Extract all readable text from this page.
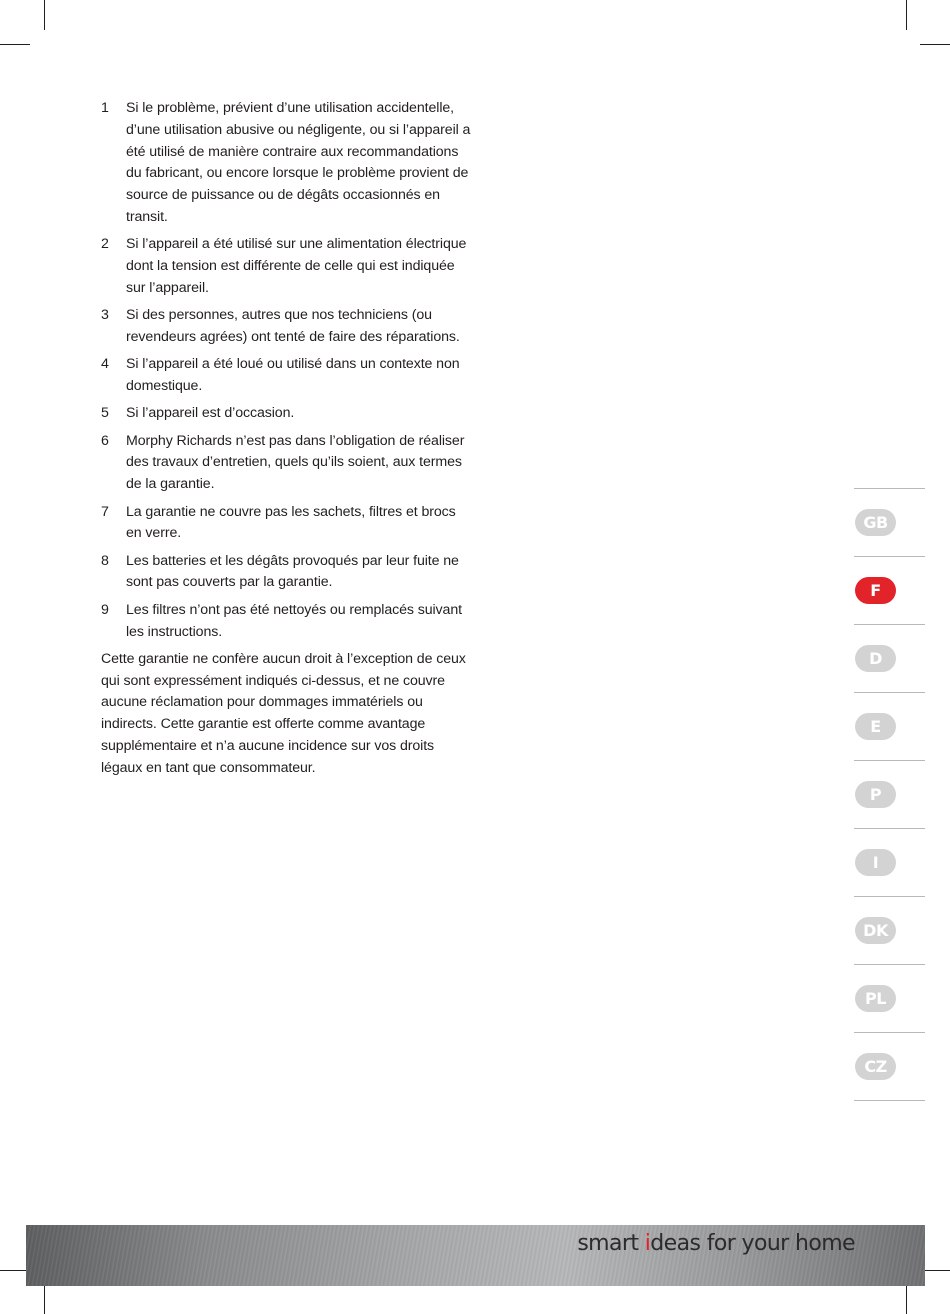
1	Si le problème, prévient d’une utilisation accidentelle, d’une utilisation abusive ou négligente, ou si l’appareil a été utilisé de manière contraire aux recommandations du fabricant, ou encore lorsque le problème provient de source de puissance ou de dégâts occasionnés en transit.
2	Si l’appareil a été utilisé sur une alimentation électrique dont la tension est différente de celle qui est indiquée sur l’appareil.
3	Si des personnes, autres que nos techniciens (ou revendeurs agrées) ont tenté de faire des réparations.
4	Si l’appareil a été loué ou utilisé dans un contexte non domestique.
5	Si l’appareil est d’occasion.
6	Morphy Richards n’est pas dans l’obligation de réaliser des travaux d’entretien, quels qu’ils soient, aux termes de la garantie.
7	La garantie ne couvre pas les sachets, filtres et brocs en verre.
8	Les batteries et les dégâts provoqués par leur fuite ne sont pas couverts par la garantie.
9	Les filtres n’ont pas été nettoyés ou remplacés suivant les instructions.

Cette garantie ne confère aucun droit à l’exception de ceux qui sont expressément indiqués ci-dessus, et ne couvre aucune réclamation pour dommages immatériels ou indirects. Cette garantie est offerte comme avantage supplémentaire et n’a aucune incidence sur vos droits légaux en tant que consommateur.

GB
F
D
E
P
I
DK
PL
CZ
smart ideas for your home
